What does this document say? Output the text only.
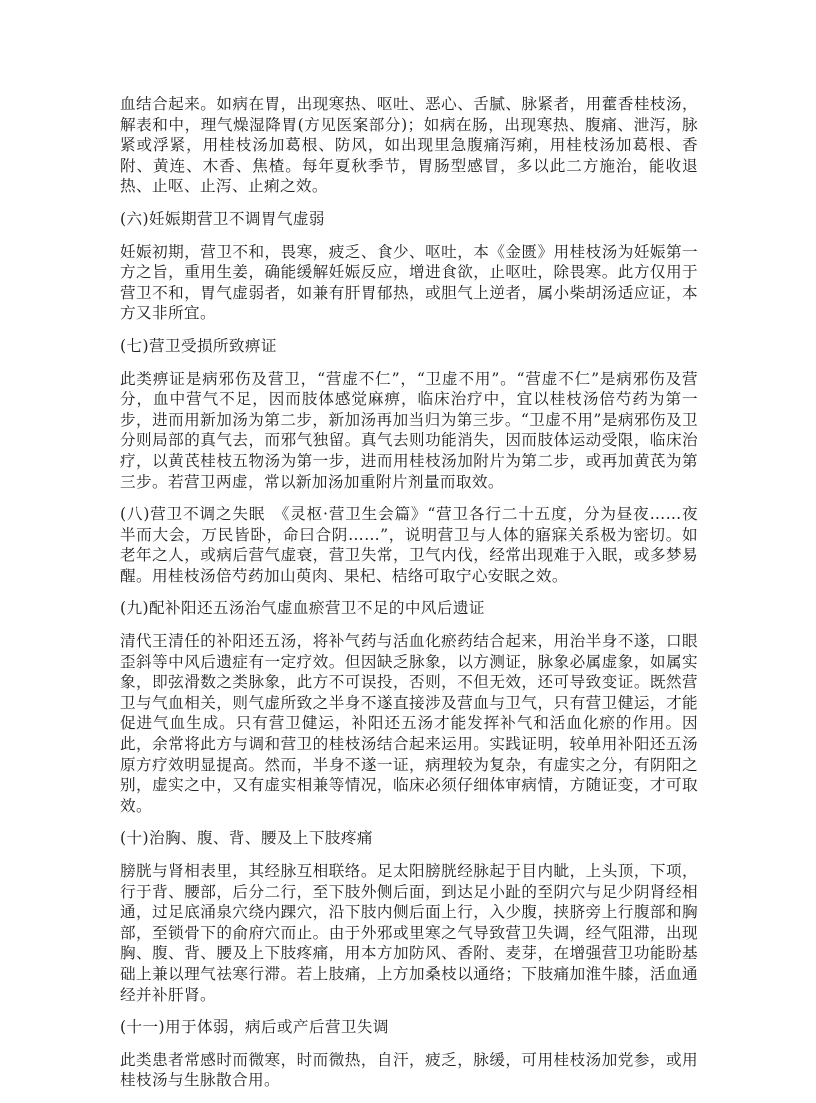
血结合起来。如病在胃，出现寒热、呕吐、恶心、舌腻、脉紧者，用藿香桂枝汤，解表和中，理气燥湿降胃(方见医案部分)；如病在肠，出现寒热、腹痛、泄泻，脉紧或浮紧，用桂枝汤加葛根、防风，如出现里急腹痛泻痢，用桂枝汤加葛根、香附、黄连、木香、焦楂。每年夏秋季节，胃肠型感冒，多以此二方施治，能收退热、止呕、止泻、止痢之效。

(六)妊娠期营卫不调胃气虚弱

妊娠初期，营卫不和，畏寒，疲乏、食少、呕吐，本《金匮》用桂枝汤为妊娠第一方之旨，重用生姜，确能缓解妊娠反应，增进食欲，止呕吐，除畏寒。此方仅用于营卫不和，胃气虚弱者，如兼有肝胃郁热，或胆气上逆者，属小柴胡汤适应证，本方又非所宜。

(七)营卫受损所致痹证

此类痹证是病邪伤及营卫，“营虚不仁”，“卫虚不用”。“营虚不仁”是病邪伤及营分，血中营气不足，因而肢体感觉麻痹，临床治疗中，宜以桂枝汤倍芍药为第一步，进而用新加汤为第二步，新加汤再加当归为第三步。“卫虚不用”是病邪伤及卫分则局部的真气去，而邪气独留。真气去则功能消失，因而肢体运动受限，临床治疗，以黄芪桂枝五物汤为第一步，进而用桂枝汤加附片为第二步，或再加黄芪为第三步。若营卫两虚，常以新加汤加重附片剂量而取效。

(八)营卫不调之失眠　《灵枢·营卫生会篇》“营卫各行二十五度，分为昼夜……夜半而大会，万民皆卧，命曰合阴……”，说明营卫与人体的寤寐关系极为密切。如老年之人，或病后营气虚衰，营卫失常，卫气内伐，经常出现难于入眠，或多梦易醒。用桂枝汤倍芍药加山萸肉、果杞、桔络可取宁心安眠之效。

(九)配补阳还五汤治气虚血瘀营卫不足的中风后遗证

清代王清任的补阳还五汤，将补气药与活血化瘀药结合起来，用治半身不遂，口眼歪斜等中风后遗症有一定疗效。但因缺乏脉象，以方测证，脉象必属虚象，如属实象，即弦滑数之类脉象，此方不可误投，否则，不但无效，还可导致变证。既然营卫与气血相关，则气虚所致之半身不遂直接涉及营血与卫气，只有营卫健运，才能促进气血生成。只有营卫健运，补阳还五汤才能发挥补气和活血化瘀的作用。因此，余常将此方与调和营卫的桂枝汤结合起来运用。实践证明，较单用补阳还五汤原方疗效明显提高。然而，半身不遂一证，病理较为复杂，有虚实之分，有阴阳之别，虚实之中，又有虚实相兼等情况，临床必须仔细体审病情，方随证变，才可取效。

(十)治胸、腹、背、腰及上下肢疼痛

膀胱与肾相表里，其经脉互相联络。足太阳膀胱经脉起于目内眦，上头顶，下项，行于背、腰部，后分二行，至下肢外侧后面，到达足小趾的至阴穴与足少阴肾经相通，过足底涌泉穴绕内踝穴，沿下肢内侧后面上行，入少腹，挟脐旁上行腹部和胸部，至锁骨下的俞府穴而止。由于外邪或里寒之气导致营卫失调，经气阻滞，出现胸、腹、背、腰及上下肢疼痛，用本方加防风、香附、麦芽，在增强营卫功能盼基础上兼以理气祛寒行滞。若上肢痛，上方加桑枝以通络；下肢痛加淮牛膝，活血通经并补肝肾。

(十一)用于体弱，病后或产后营卫失调

此类患者常感时而微寒，时而微热，自汗，疲乏，脉缓，可用桂枝汤加党参，或用桂枝汤与生脉散合用。
